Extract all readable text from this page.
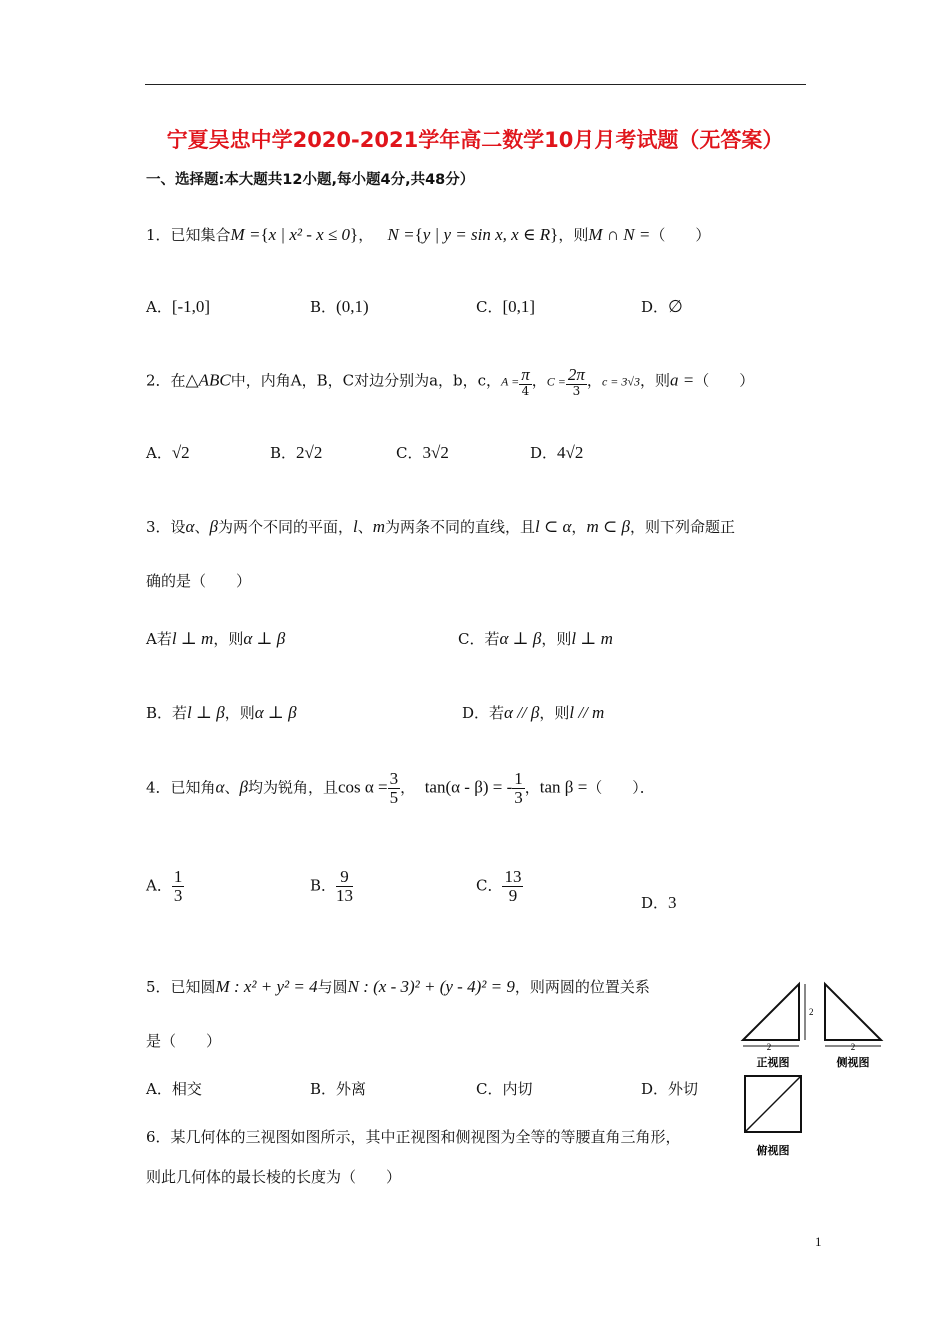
宁夏吴忠中学2020-2021学年高二数学10月月考试题（无答案）
一、选择题:本大题共12小题,每小题4分,共48分）
1．已知集合M ={x | x² - x ≤ 0}， N ={y | y = sin x, x ∈ R}，则M ∩ N =（　　）
A．[-1,0]	B．(0,1)	C．[0,1]	D．∅
2．在△ABC中，内角A，B，C对边分别为a，b，c，$A = \frac{\pi}{4}$ ，$C = \frac{2\pi}{3}$ ，c = 3√3，则a =（　　）
A．√2	B．2√2	C．3√2	D．4√2
3．设α、β为两个不同的平面，l、m为两条不同的直线，且l ⊂ α，m ⊂ β，则下列命题正
确的是（　　）
A若l ⊥ m，则α ⊥ β	C．若α ⊥ β，则l ⊥ m
B．若l ⊥ β，则α ⊥ β	D．若α // β，则l // m
4．已知角α、β均为锐角，且$\cos \alpha = \frac{3}{5}$ ， tan(α - β) = - $\frac{1}{3}$ ，tan β =（　　）．
A． $\frac{1}{3}$	B． $\frac{9}{13}$	C． $\frac{13}{9}$	D．3
5．已知圆M : x² + y² = 4与圆N : (x - 3)² + (y - 4)² = 9，则两圆的位置关系
是（　　）
A．相交	B．外离	C．内切	D．外切
6．某几何体的三视图如图所示，其中正视图和侧视图为全等的等腰直角三角形，
则此几何体的最长棱的长度为（　　）
2
2
正视图
2
侧视图
俯视图
1
